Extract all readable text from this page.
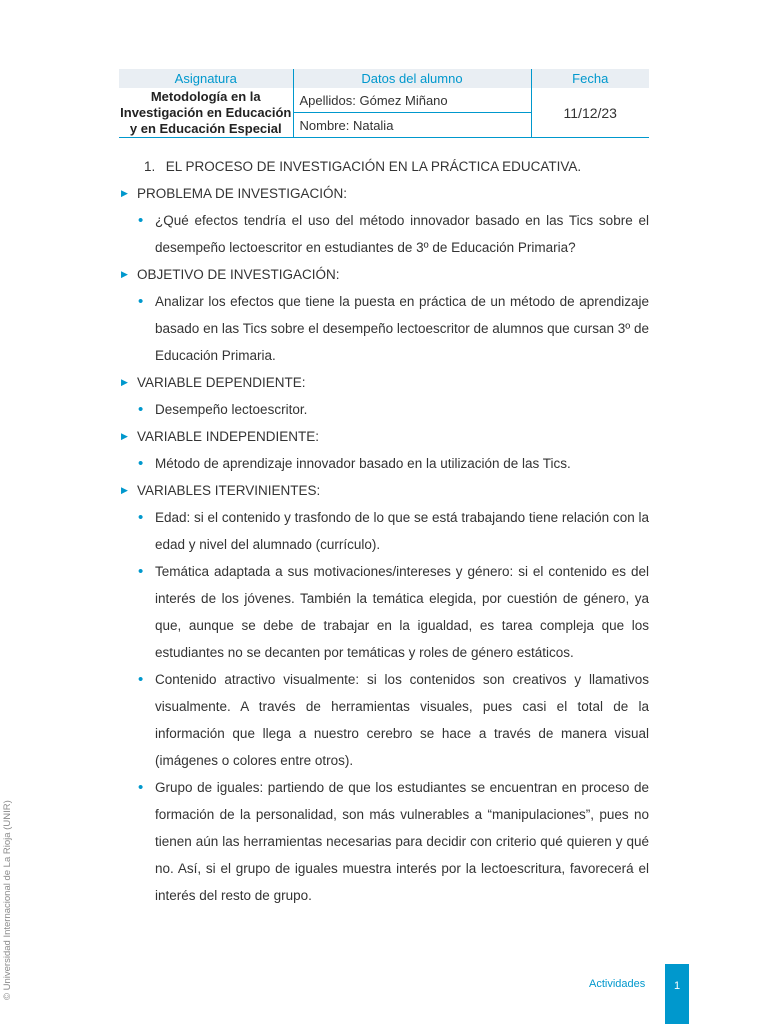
Asignatura	Datos del alumno	Fecha
Metodología en la Investigación en Educación y en Educación Especial	Apellidos: Gómez Miñano	11/12/23
	Nombre: Natalia	
1. EL PROCESO DE INVESTIGACIÓN EN LA PRÁCTICA EDUCATIVA.
▶ PROBLEMA DE INVESTIGACIÓN:
• ¿Qué efectos tendría el uso del método innovador basado en las Tics sobre el desempeño lectoescritor en estudiantes de 3º de Educación Primaria?
▶ OBJETIVO DE INVESTIGACIÓN:
• Analizar los efectos que tiene la puesta en práctica de un método de aprendizaje basado en las Tics sobre el desempeño lectoescritor de alumnos que cursan 3º de Educación Primaria.
▶ VARIABLE DEPENDIENTE:
• Desempeño lectoescritor.
▶ VARIABLE INDEPENDIENTE:
• Método de aprendizaje innovador basado en la utilización de las Tics.
▶ VARIABLES ITERVINIENTES:
• Edad: si el contenido y trasfondo de lo que se está trabajando tiene relación con la edad y nivel del alumnado (currículo).
• Temática adaptada a sus motivaciones/intereses y género: si el contenido es del interés de los jóvenes. También la temática elegida, por cuestión de género, ya que, aunque se debe de trabajar en la igualdad, es tarea compleja que los estudiantes no se decanten por temáticas y roles de género estáticos.
• Contenido atractivo visualmente: si los contenidos son creativos y llamativos visualmente. A través de herramientas visuales, pues casi el total de la información que llega a nuestro cerebro se hace a través de manera visual (imágenes o colores entre otros).
• Grupo de iguales: partiendo de que los estudiantes se encuentran en proceso de formación de la personalidad, son más vulnerables a “manipulaciones”, pues no tienen aún las herramientas necesarias para decidir con criterio qué quieren y qué no. Así, si el grupo de iguales muestra interés por la lectoescritura, favorecerá el interés del resto de grupo.
© Universidad Internacional de La Rioja (UNIR)	Actividades	1
